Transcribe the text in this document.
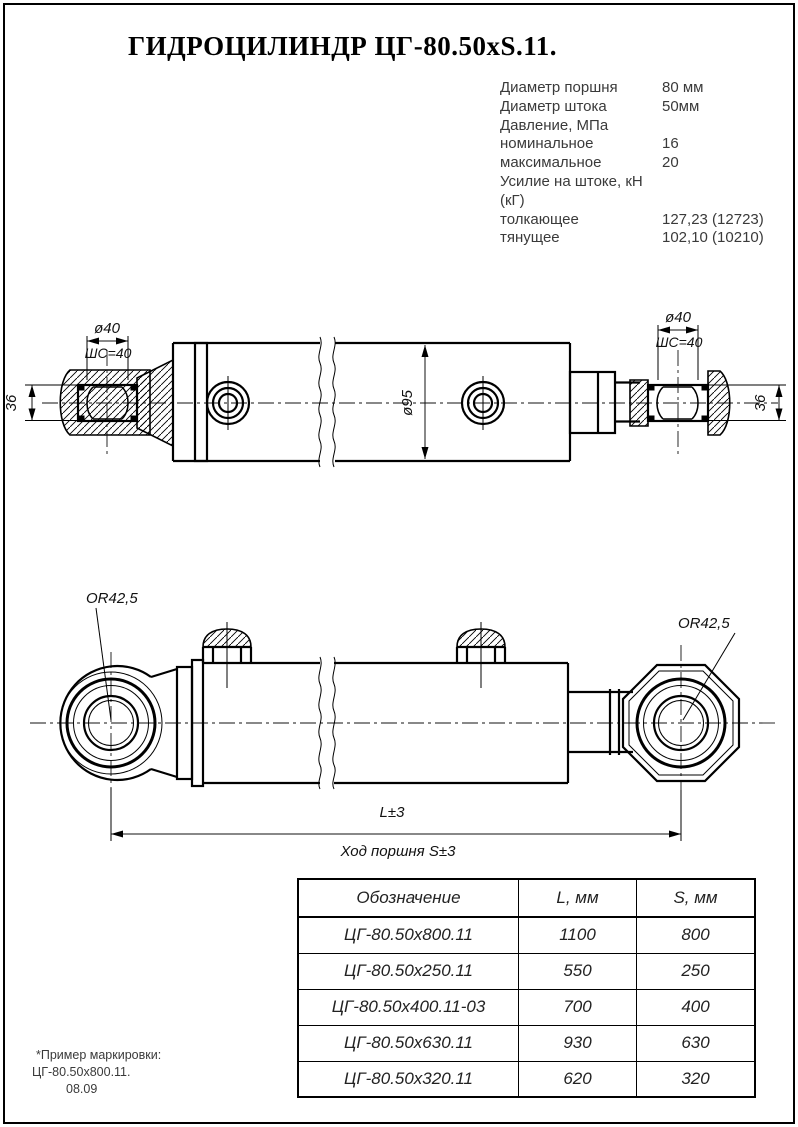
ГИДРОЦИЛИНДР ЦГ-80.50xS.11.
Диаметр поршня	80 мм
Диаметр штока	50мм
Давление, МПа
номинальное	16
максимальное	20
Усилие на штоке, кН (кГ)
толкающее	127,23 (12723)
тянущее	102,10 (10210)
ø40
ШС=40
36	ø95
ø40
ШС=40
36
OR42,5
OR42,5
L±3
Ход поршня S±3
Обозначение	L, мм	S, мм
ЦГ-80.50х800.11	1100	800
ЦГ-80.50х250.11	550	250
ЦГ-80.50х400.11-03	700	400
ЦГ-80.50х630.11	930	630
ЦГ-80.50х320.11	620	320
*Пример маркировки:
ЦГ-80.50х800.11.
08.09
